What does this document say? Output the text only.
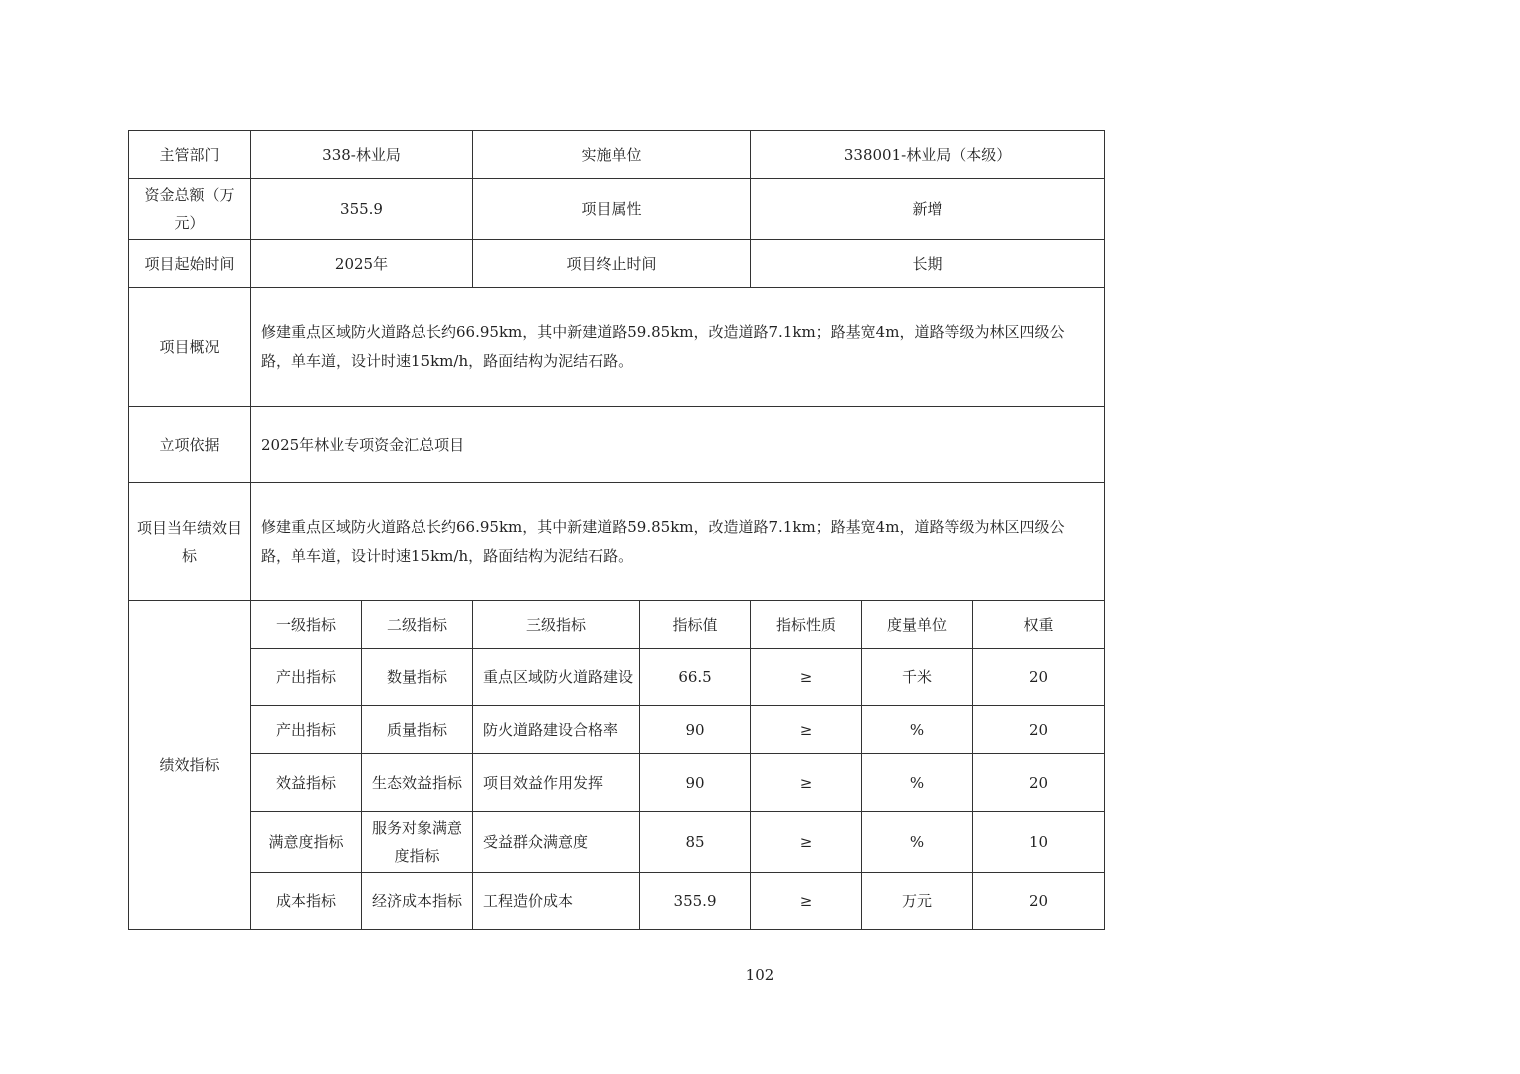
主管部门	338-林业局		实施单位		338001-林业局（本级）		
资金总额（万元）	355.9		项目属性		新增		
项目起始时间	2025年		项目终止时间		长期		
项目概况	修建重点区域防火道路总长约66.95km，其中新建道路59.85km，改造道路7.1km；路基宽4m，道路等级为林区四级公路，单车道，设计时速15km/h，路面结构为泥结石路。						
立项依据	2025年林业专项资金汇总项目						
项目当年绩效目标	修建重点区域防火道路总长约66.95km，其中新建道路59.85km，改造道路7.1km；路基宽4m，道路等级为林区四级公路，单车道，设计时速15km/h，路面结构为泥结石路。						
绩效指标	一级指标	二级指标	三级指标	指标值	指标性质	度量单位	权重
	产出指标	数量指标	重点区域防火道路建设	66.5	≥	千米	20
	产出指标	质量指标	防火道路建设合格率	90	≥	%	20
	效益指标	生态效益指标	项目效益作用发挥	90	≥	%	20
	满意度指标	服务对象满意度指标	受益群众满意度	85	≥	%	10
	成本指标	经济成本指标	工程造价成本	355.9	≥	万元	20
102
